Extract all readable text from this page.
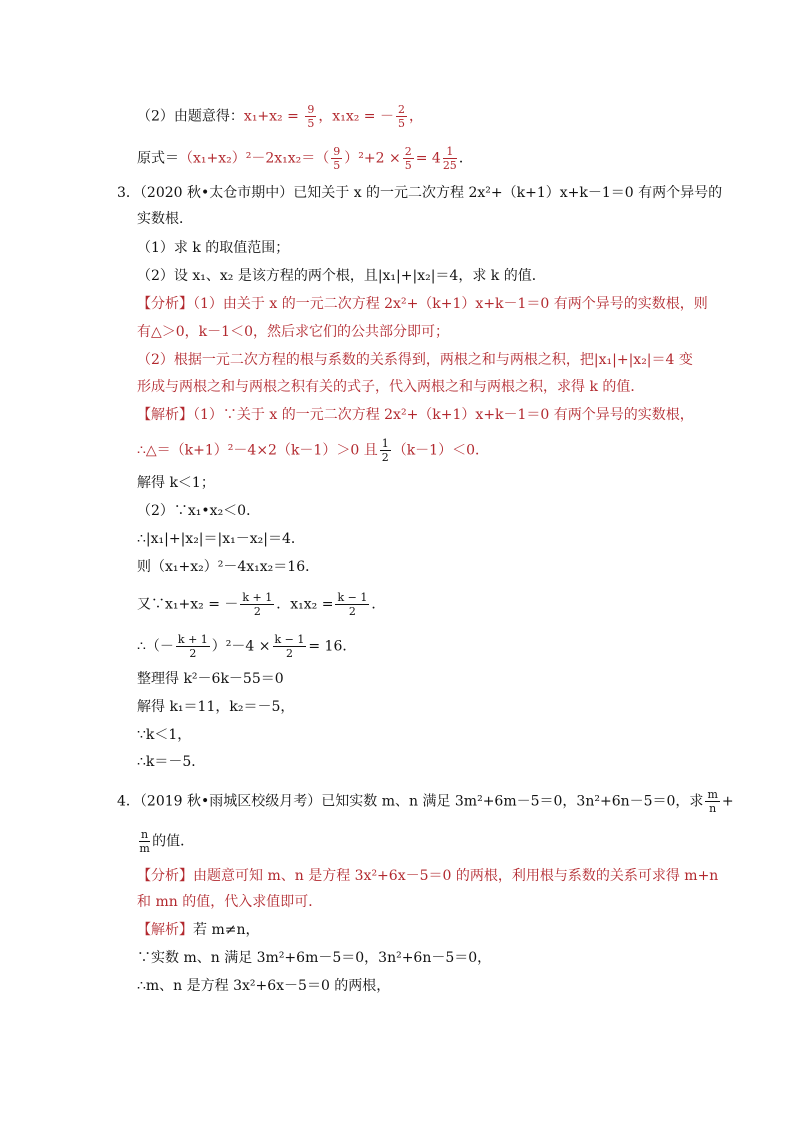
（2）由题意得：$x_1+x_2 = \frac{9}{5}$ ，x₁x₂ = － $\frac{2}{5}$ ，
原式$=(x_1+x_2)^2-2x_1x_2=( \frac{9}{5} )^2+2 \times \frac{2}{5} = 4 \frac{1}{25}$ ．
3．（2020 秋•太仓市期中）已知关于 x 的一元二次方程 2x²+（k+1）x+k－1＝0 有两个异号的
实数根．
（1）求 k 的取值范围；
（2）设 x₁、x₂ 是该方程的两个根，且|x₁|+|x₂|＝4，求 k 的值．
【分析】（1）由关于 x 的一元二次方程 2x²+（k+1）x+k－1＝0 有两个异号的实数根，则
有△＞0，k－1＜0，然后求它们的公共部分即可；
（2）根据一元二次方程的根与系数的关系得到，两根之和与两根之积，把|x₁|+|x₂|＝4 变
形成与两根之和与两根之积有关的式子，代入两根之和与两根之积，求得 k 的值．
【解析】（1）∵关于 x 的一元二次方程 2x²+（k+1）x+k－1＝0 有两个异号的实数根，
∴△＝（k+1）²－4×2（k－1）＞0 且 $\frac{1}{2} (k-1)<0$．
解得 k＜1；
（2）∵x₁•x₂＜0．
∴|x₁|+|x₂|＝|x₁－x₂|＝4．
则（x₁+x₂）²－4x₁x₂＝16．
又∵x₁+x₂ = － $\frac{k + 1}{2}$ ．$x_1x_2 = \frac{k - 1}{2}$ ．
∴（－ $\frac{k + 1}{2} )^2-4 \times \frac{k - 1}{2} = 16$．
整理得 k²－6k－55＝0
解得 k₁＝11，k₂＝－5，
∵k＜1，
∴k＝－5．
4．（2019 秋•雨城区校级月考）已知实数 m、n 满足 3m²+6m－5＝0，3n²+6n－5＝0，求 $\frac{m}{n}$ +
$\frac{n}{m}$ 的值．
【分析】由题意可知 m、n 是方程 3x²+6x－5＝0 的两根，利用根与系数的关系可求得 m+n
和 mn 的值，代入求值即可．
【解析】若 m≠n，
∵实数 m、n 满足 3m²+6m－5＝0，3n²+6n－5＝0，
∴m、n 是方程 3x²+6x－5＝0 的两根，
